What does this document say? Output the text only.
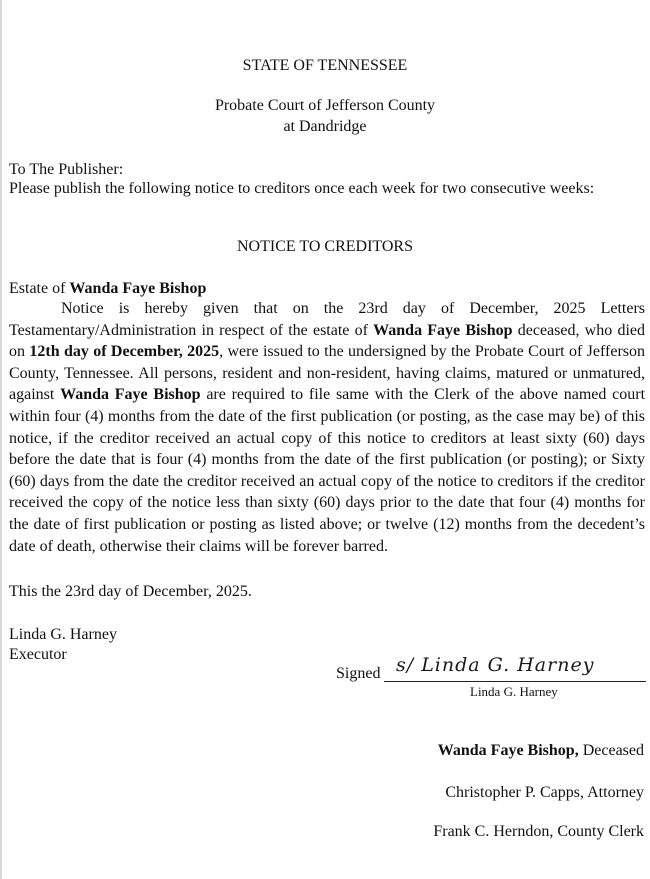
STATE OF TENNESSEE
Probate Court of Jefferson County
at Dandridge
To The Publisher:
Please publish the following notice to creditors once each week for two consecutive weeks:
NOTICE TO CREDITORS
Estate of Wanda Faye Bishop
Notice is hereby given that on the 23rd day of December, 2025 Letters Testamentary/Administration in respect of the estate of Wanda Faye Bishop deceased, who died on 12th day of December, 2025, were issued to the undersigned by the Probate Court of Jefferson County, Tennessee. All persons, resident and non-resident, having claims, matured or unmatured, against Wanda Faye Bishop are required to file same with the Clerk of the above named court within four (4) months from the date of the first publication (or posting, as the case may be) of this notice, if the creditor received an actual copy of this notice to creditors at least sixty (60) days before the date that is four (4) months from the date of the first publication (or posting); or Sixty (60) days from the date the creditor received an actual copy of the notice to creditors if the creditor received the copy of the notice less than sixty (60) days prior to the date that four (4) months for the date of first publication or posting as listed above; or twelve (12) months from the decedent’s date of death, otherwise their claims will be forever barred.
This the 23rd day of December, 2025.
Linda G. Harney
Executor
Signed s/ Linda G. Harney
Linda G. Harney
Wanda Faye Bishop, Deceased
Christopher P. Capps, Attorney
Frank C. Herndon, County Clerk
